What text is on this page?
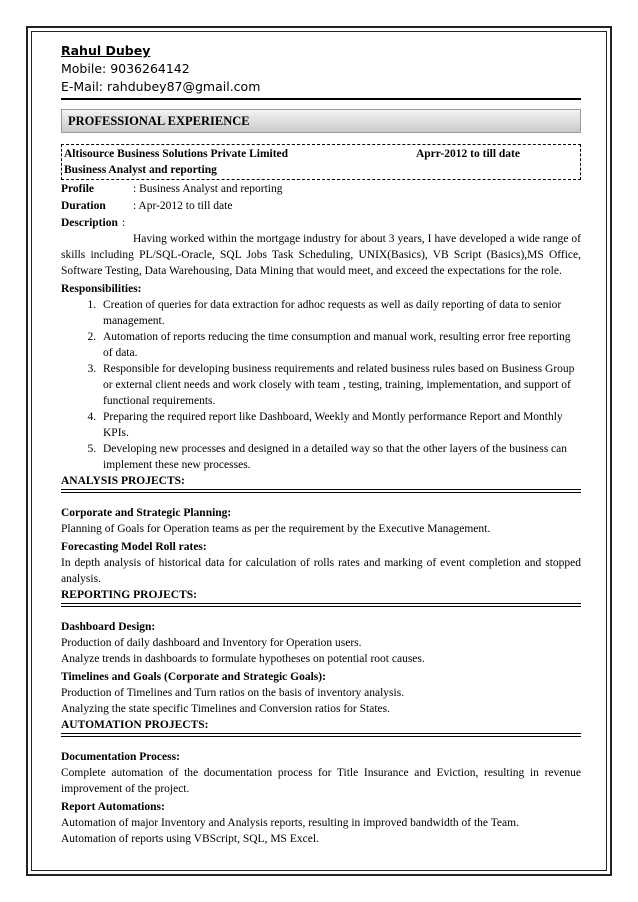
Rahul Dubey
Mobile: 9036264142
E-Mail: rahdubey87@gmail.com
PROFESSIONAL EXPERIENCE
Altisource Business Solutions Private Limited	Aprr-2012 to till date
Business Analyst and reporting
Profile	: Business Analyst and reporting
Duration	: Apr-2012 to till date
Description :
Having worked within the mortgage industry for about 3 years, I have developed a wide range of skills including PL/SQL-Oracle, SQL Jobs Task Scheduling, UNIX(Basics), VB Script (Basics),MS Office, Software Testing, Data Warehousing, Data Mining that would meet, and exceed the expectations for the role.
Responsibilities:
1. Creation of queries for data extraction for adhoc requests as well as daily reporting of data to senior management.
2. Automation of reports reducing the time consumption and manual work, resulting error free reporting of data.
3. Responsible for developing business requirements and related business rules based on Business Group or external client needs and work closely with team , testing, training, implementation, and support of functional requirements.
4. Preparing the required report like Dashboard, Weekly and Montly performance Report and Monthly KPIs.
5. Developing new processes and designed in a detailed way so that the other layers of the business can implement these new processes.
ANALYSIS PROJECTS:
Corporate and Strategic Planning:
Planning of Goals for Operation teams as per the requirement by the Executive Management.
Forecasting Model Roll rates:
In depth analysis of historical data for calculation of rolls rates and marking of event completion and stopped analysis.
REPORTING PROJECTS:
Dashboard Design:
Production of daily dashboard and Inventory for Operation users.
Analyze trends in dashboards to formulate hypotheses on potential root causes.
Timelines and Goals (Corporate and Strategic Goals):
Production of Timelines and Turn ratios on the basis of inventory analysis.
Analyzing the state specific Timelines and Conversion ratios for States.
AUTOMATION PROJECTS:
Documentation Process:
Complete automation of the documentation process for Title Insurance and Eviction, resulting in revenue improvement of the project.
Report Automations:
Automation of major Inventory and Analysis reports, resulting in improved bandwidth of the Team.
Automation of reports using VBScript, SQL, MS Excel.
